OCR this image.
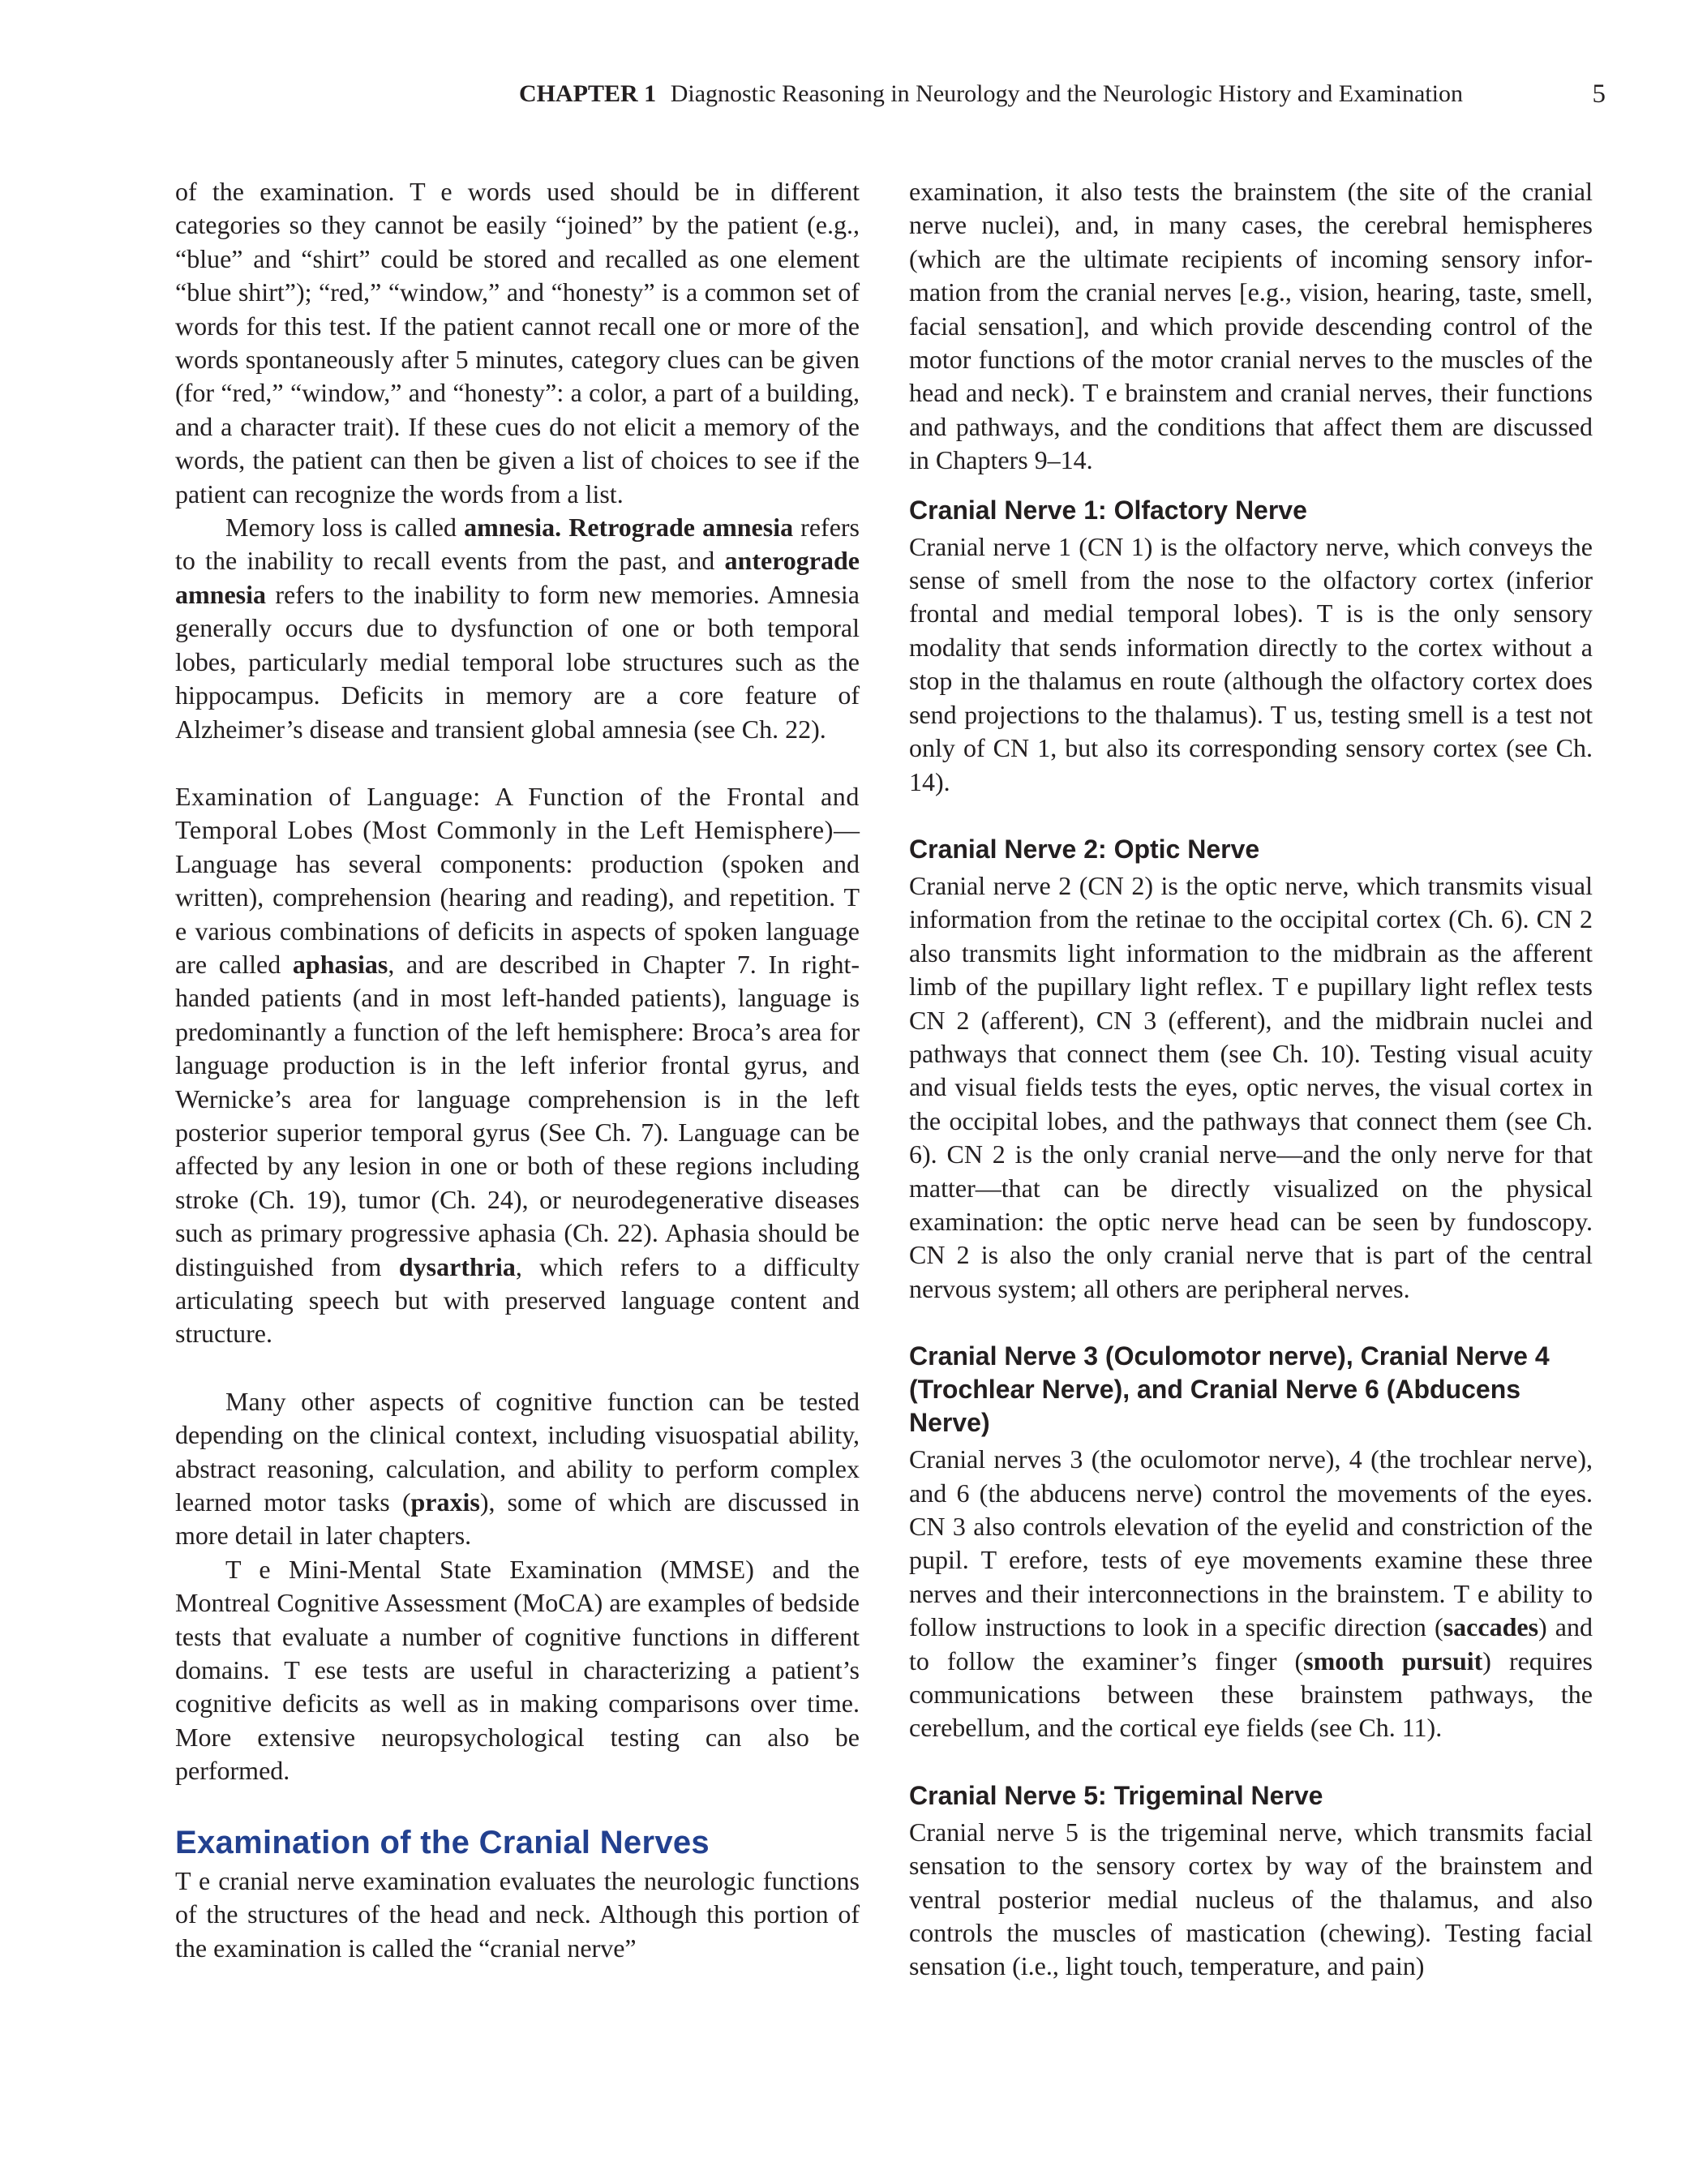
CHAPTER 1 Diagnostic Reasoning in Neurology and the Neurologic History and Examination	5

of the examination. T e words used should be in different categories so they cannot be easily “joined” by the patient (e.g., “blue” and “shirt” could be stored and recalled as one element “blue shirt”); “red,” “window,” and “honesty” is a common set of words for this test. If the patient cannot recall one or more of the words spontaneously after 5 minutes, category clues can be given (for “red,” “window,” and “honesty”: a color, a part of a building, and a character trait). If these cues do not elicit a memory of the words, the patient can then be given a list of choices to see if the patient can recognize the words from a list.

Memory loss is called amnesia. Retrograde amnesia refers to the inability to recall events from the past, and anterograde amnesia refers to the inability to form new memories. Amnesia generally occurs due to dysfunction of one or both temporal lobes, particularly medial temporal lobe structures such as the hippocampus. Deficits in memory are a core feature of Alzheimer’s disease and transient global amnesia (see Ch. 22).

Examination of Language: A Function of the Frontal and Temporal Lobes (Most Commonly in the Left Hemisphere)—Language has several components: production (spoken and written), comprehension (hearing and reading), and repetition. T e various combinations of deficits in aspects of spoken language are called aphasias, and are described in Chapter 7. In right-handed patients (and in most left-handed patients), language is predominantly a function of the left hemisphere: Broca’s area for language production is in the left inferior frontal gyrus, and Wernicke’s area for language comprehension is in the left posterior superior temporal gyrus (See Ch. 7). Language can be affected by any lesion in one or both of these regions including stroke (Ch. 19), tumor (Ch. 24), or neurodegenerative diseases such as primary progressive aphasia (Ch. 22). Aphasia should be distinguished from dysarthria, which refers to a difficulty articulating speech but with preserved language content and structure.

Many other aspects of cognitive function can be tested depending on the clinical context, including visuospatial ability, abstract reasoning, calculation, and ability to perform complex learned motor tasks (praxis), some of which are discussed in more detail in later chapters.

T e Mini-Mental State Examination (MMSE) and the Montreal Cognitive Assessment (MoCA) are examples of bedside tests that evaluate a number of cognitive functions in different domains. T ese tests are useful in characterizing a patient’s cognitive deficits as well as in making comparisons over time. More extensive neuropsychological testing can also be performed.

Examination of the Cranial Nerves

T e cranial nerve examination evaluates the neurologic functions of the structures of the head and neck. Although this portion of the examination is called the “cranial nerve”

examination, it also tests the brainstem (the site of the cranial nerve nuclei), and, in many cases, the cerebral hemispheres (which are the ultimate recipients of incoming sensory information from the cranial nerves [e.g., vision, hearing, taste, smell, facial sensation], and which provide descending control of the motor functions of the motor cranial nerves to the muscles of the head and neck). T e brainstem and cranial nerves, their functions and pathways, and the conditions that affect them are discussed in Chapters 9–14.

Cranial Nerve 1: Olfactory Nerve

Cranial nerve 1 (CN 1) is the olfactory nerve, which conveys the sense of smell from the nose to the olfactory cortex (inferior frontal and medial temporal lobes). T is is the only sensory modality that sends information directly to the cortex without a stop in the thalamus en route (although the olfactory cortex does send projections to the thalamus). T us, testing smell is a test not only of CN 1, but also its corresponding sensory cortex (see Ch. 14).

Cranial Nerve 2: Optic Nerve

Cranial nerve 2 (CN 2) is the optic nerve, which transmits visual information from the retinae to the occipital cortex (Ch. 6). CN 2 also transmits light information to the midbrain as the afferent limb of the pupillary light reflex. T e pupillary light reflex tests CN 2 (afferent), CN 3 (efferent), and the midbrain nuclei and pathways that connect them (see Ch. 10). Testing visual acuity and visual fields tests the eyes, optic nerves, the visual cortex in the occipital lobes, and the pathways that connect them (see Ch. 6). CN 2 is the only cranial nerve—and the only nerve for that matter—that can be directly visualized on the physical examination: the optic nerve head can be seen by fundoscopy. CN 2 is also the only cranial nerve that is part of the central nervous system; all others are peripheral nerves.

Cranial Nerve 3 (Oculomotor nerve), Cranial Nerve 4 (Trochlear Nerve), and Cranial Nerve 6 (Abducens Nerve)

Cranial nerves 3 (the oculomotor nerve), 4 (the trochlear nerve), and 6 (the abducens nerve) control the movements of the eyes. CN 3 also controls elevation of the eyelid and constriction of the pupil. T erefore, tests of eye movements examine these three nerves and their interconnections in the brainstem. T e ability to follow instructions to look in a specific direction (saccades) and to follow the examiner’s finger (smooth pursuit) requires communications between these brainstem pathways, the cerebellum, and the cortical eye fields (see Ch. 11).

Cranial Nerve 5: Trigeminal Nerve

Cranial nerve 5 is the trigeminal nerve, which transmits facial sensation to the sensory cortex by way of the brainstem and ventral posterior medial nucleus of the thalamus, and also controls the muscles of mastication (chewing). Testing facial sensation (i.e., light touch, temperature, and pain)
